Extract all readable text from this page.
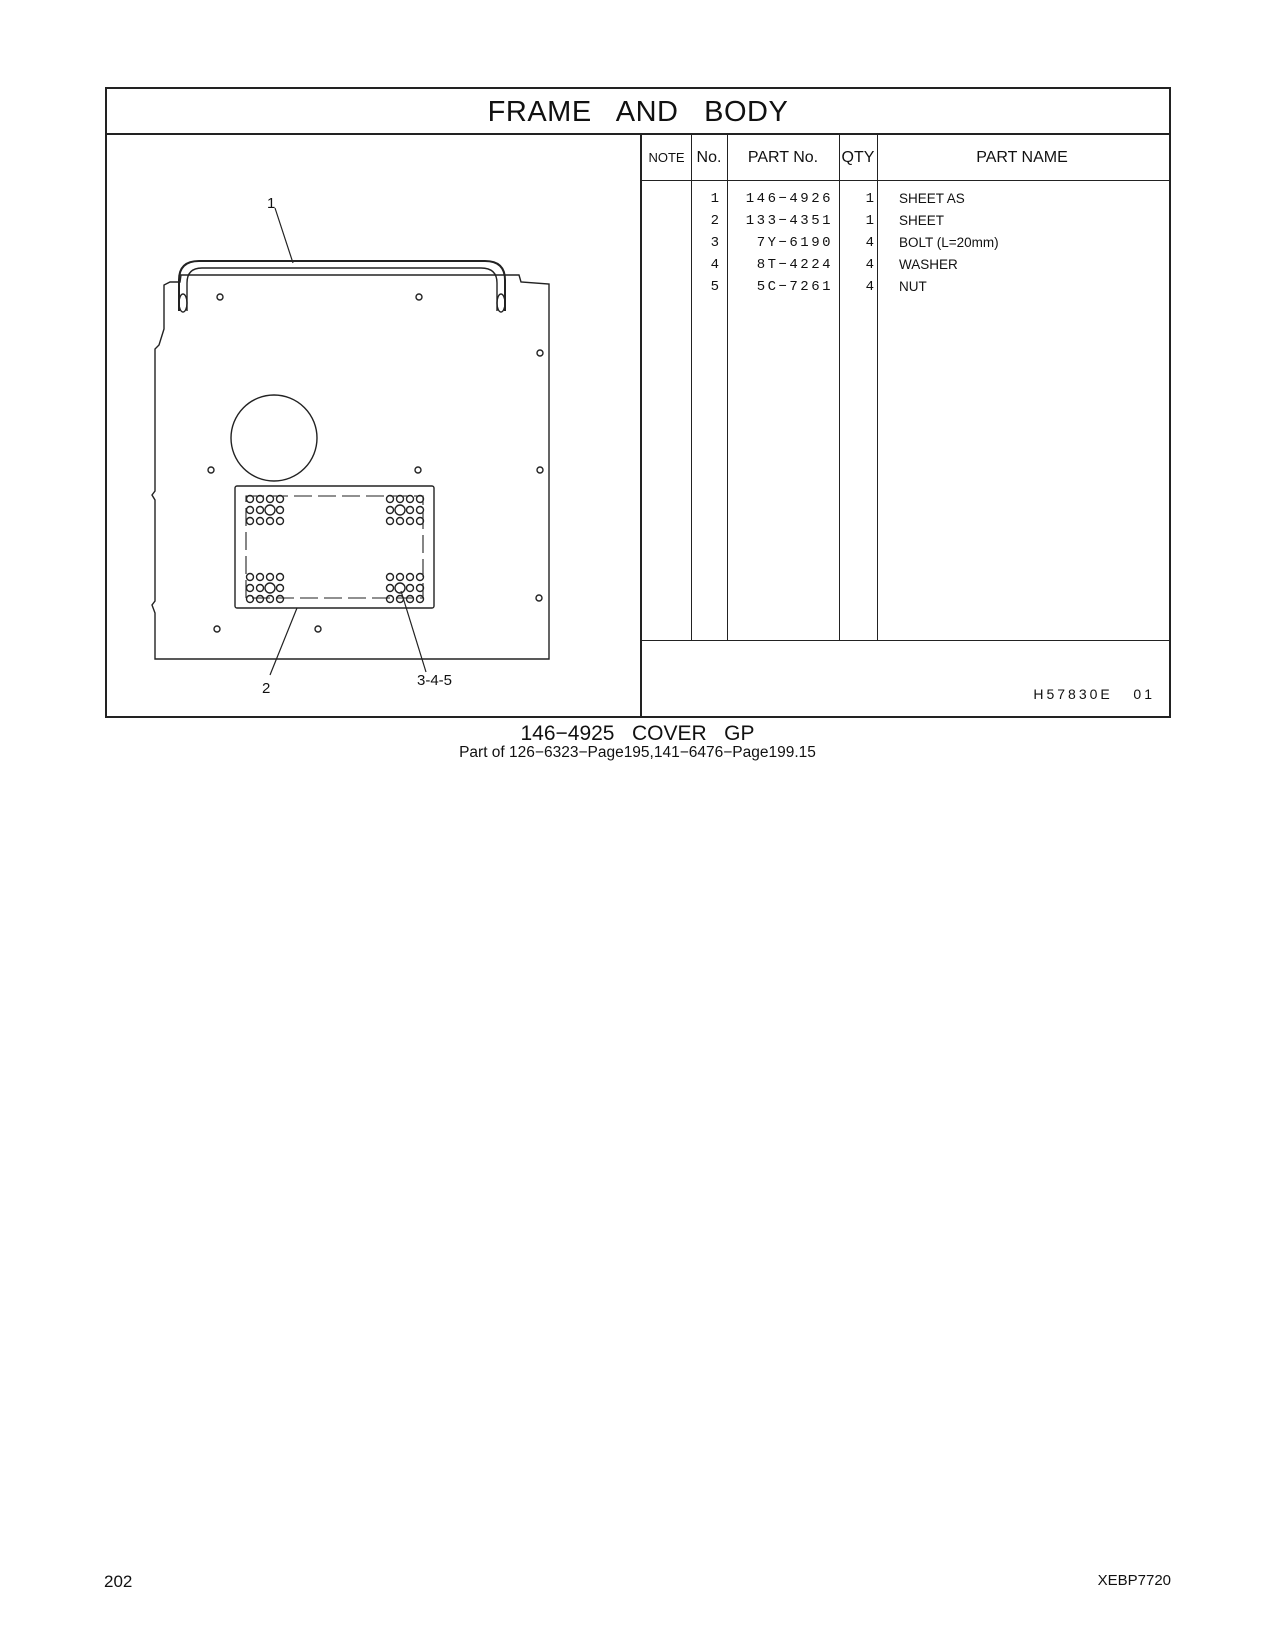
FRAME   AND   BODY
1
2	3-4-5
NOTE No.	PART No.	QTY	PART NAME
1	146−4926 1 SHEET AS
2	133−4351 1 SHEET
3	7Y−6190 4 BOLT (L=20mm)
4	8T−4224 4 WASHER
5	5C−7261 4 NUT
H57830E   01
146−4925   COVER   GP
Part of 126−6323−Page195,141−6476−Page199.15
202	XEBP7720
